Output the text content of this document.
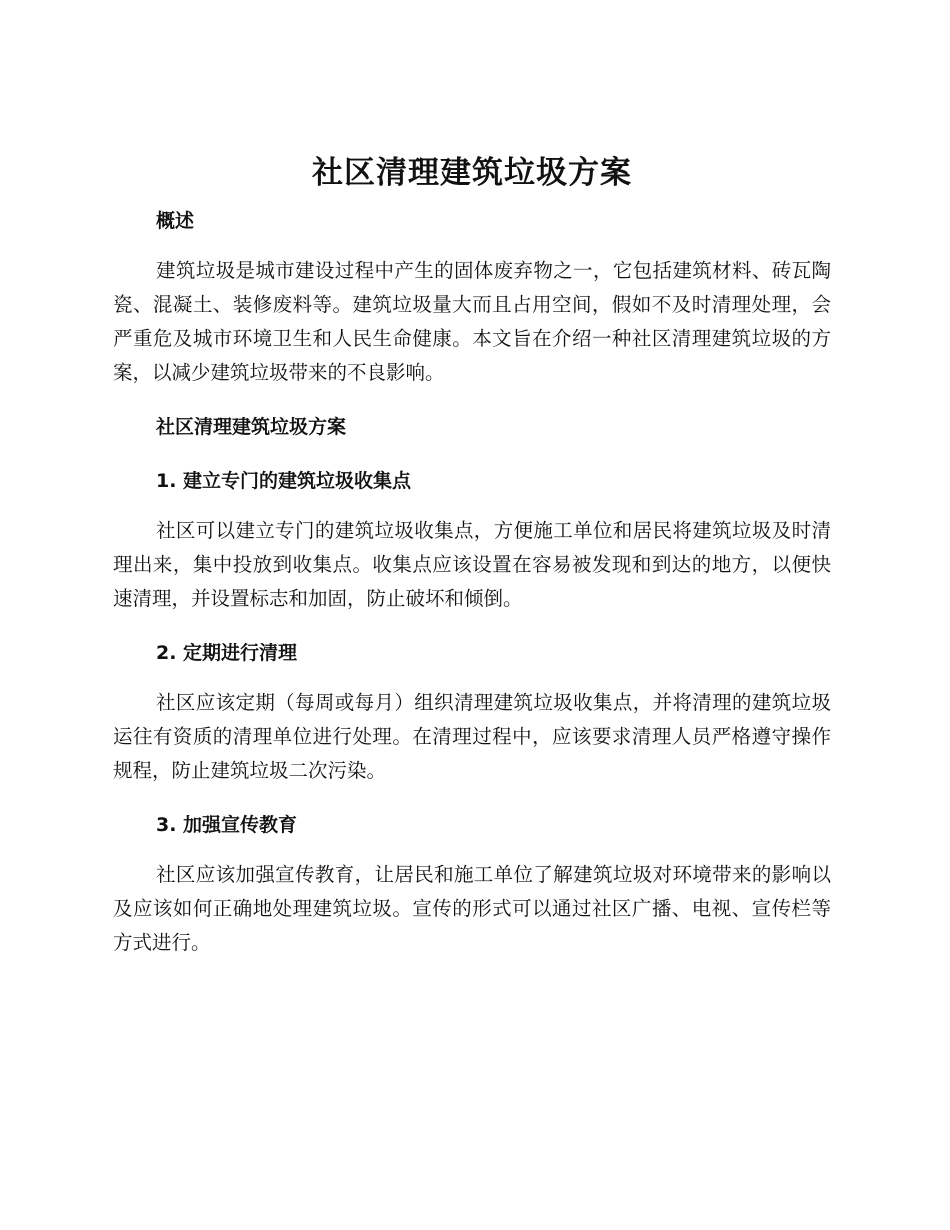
社区清理建筑垃圾方案
概述

建筑垃圾是城市建设过程中产生的固体废弃物之一，它包括建筑材料、砖瓦陶瓷、混凝土、装修废料等。建筑垃圾量大而且占用空间，假如不及时清理处理，会严重危及城市环境卫生和人民生命健康。本文旨在介绍一种社区清理建筑垃圾的方案，以减少建筑垃圾带来的不良影响。

社区清理建筑垃圾方案
1. 建立专门的建筑垃圾收集点

社区可以建立专门的建筑垃圾收集点，方便施工单位和居民将建筑垃圾及时清理出来，集中投放到收集点。收集点应该设置在容易被发现和到达的地方，以便快速清理，并设置标志和加固，防止破坏和倾倒。

2. 定期进行清理

社区应该定期（每周或每月）组织清理建筑垃圾收集点，并将清理的建筑垃圾运往有资质的清理单位进行处理。在清理过程中，应该要求清理人员严格遵守操作规程，防止建筑垃圾二次污染。

3. 加强宣传教育

社区应该加强宣传教育，让居民和施工单位了解建筑垃圾对环境带来的影响以及应该如何正确地处理建筑垃圾。宣传的形式可以通过社区广播、电视、宣传栏等方式进行。
